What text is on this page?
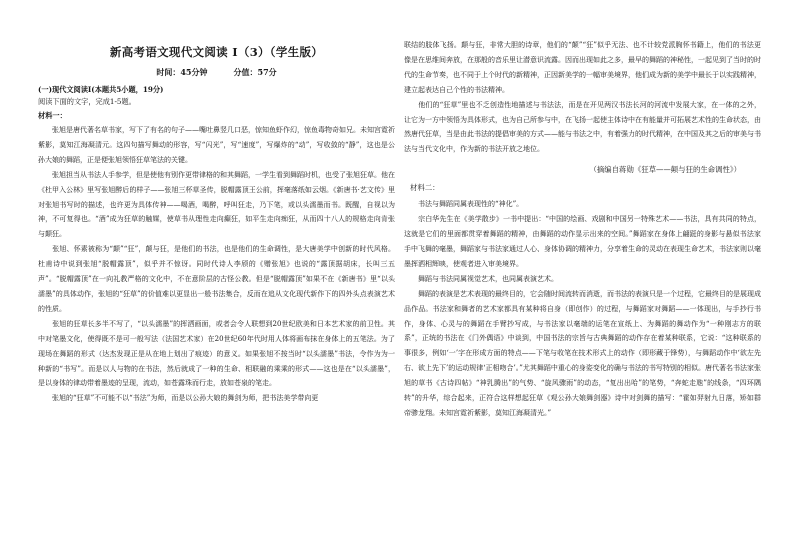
新高考语文现代文阅读 Ⅰ（3）（学生版）
时间：45分钟	分值：57分

(一)现代文阅读Ⅰ(本题共5小题，19分)

阅读下面的文字，完成1-5题。

材料一：

　　张旭是唐代著名草书家，写下了有名的句子——嘴吐鼻竖几口恶，惊知鱼虾作幻，惊鱼毒物奇如兄。未知宫霓祈紫影，莫知江海凝清元。这四句描写舞动的形容，写“闪光”，写“速度”，写爆炸的“动”，写收敛的“静”，这也是公孙大娘的舞蹈，正是便张旭领悟狂草笔法的关键。

　　张旭担当从书法人手参学，但是使他有别作更带律格的和其舞蹈，一学生看到舞蹈时机，也受了张旭狂草。他在《杜甲入公林》里写张旭醉后的样子——张旭三杯草圣传，脱帽露顶王公前，挥毫落纸如云烟。《新唐书·艺文传》里对张旭书写时的描述，也许更为具体传神——喝酒，喝醉，呼叫狂走，乃下笔，或以头濡墨而书。既醒，自视以为神，不可复得也。“酒”成为狂草的触媒，使草书从理性走向癫狂，如平生走向痴狂，从而四十八人的规格走向肯张与颠狂。

　　张旭、怀素被称为“颠”“狂”，颠与狂，是他们的书法，也是他们的生命调性，是大唐美学中创新的时代风格。杜甫诗中说到张旭“脱帽露顶”，似乎并不惊讶。同时代诗人李颀的《赠张旭》也说的“露顶据胡床，长叫三五声”。“脱帽露顶”在一向礼教严格的文化中，不在意阶层的古怪公教。但是“脱帽露顶”如果不在《新唐书》里“以头濡墨”的具体动作，张旭的“狂草”的价值难以更显出一般书法集合，反而在追从文化现代新作下的四外头点表演艺术的性质。

　　张旭的狂草长多半不写了，“以头濡墨”的挥洒画面，或者会令人联想到20世纪欧美和日本艺术家的前卫性。其中对笔墨文化，使得既不是可一般写法（法国艺术家）在20世纪60年代时用人体将画布抹在身体上的五笔法。为了现场在舞蹈的形式（达杰发现正是从在地上划出了痕迹）的意义。如果张旭不按当时“以头濡墨”书法，令作为为一种新的“书写”。而是以人与物的在书法，然后就成了一种的生命、相联融的乘乘的形式——这也是在“以头濡墨”，是以身体的律动带着墨迹的呈现，流动，如苍露珠而行走，放如苍泉的笔走。

　　张旭的“狂草”不可能不以“书法”为师，而是以公孙大娘的舞剑为师，把书法美学带向更

联结的肢体飞扬。颠与狂，非常大胆的诗章，他们的“颠”“狂”似乎无法、也不计较党派胸怀书籍上，他们的书法更像是在思维间奔放，在那般的音乐里让潜意识流露。因而出现如此之多，最早的舞蹈的神秘性，一起见到了当时的时代的生命节奏，也不同于上个时代的新精神，正因新美学的一幅审美境界，他们成为新的美学中最长于以实践精神，建立起表达自己个性的书法精神。

　　他们的“狂草”里也不乏创造性地描述与书法法，而是在开见两汉书法长河的河流中发展大家，在一体的之外，让它为一方中领悟为具体形式，也为自己所参与中，在飞扬一起使主体诗中在有能量并可拓展艺术性的生命状态，由然唐代狂草，当是由此书法的提倡审美的方式——能与书法之中，有着强力的时代精神，在中国及其之后的审美与书法与当代文化中，作为新的书法开放之地位。

（摘编自蒋勋《狂草——颠与狂的生命调性》）

材料二：

　　书法与舞蹈同属表现性的“神化”。

　　宗白华先生在《美学散步》一书中提出：“中国的绘画、戏剧和中国另一特殊艺术——书法，具有共同的特点，这就是它们的里面都贯穿着舞蹈的精神，由舞蹈的动作显示出来的空间。”舞蹈家在身体上翩跹的身影与悬似书法家手中飞舞的毫墨，舞蹈家与书法家通过人心、身体协调的精神力，分享着生命的灵动在表现生命艺术，书法家则以毫墨挥洒相辉映，使观者进入审美境界。

　　舞蹈与书法同属视觉艺术，也同属表演艺术。

　　舞蹈的表演是艺术表现的最终目的，它会随时间流转而消逝，而书法的表演只是一个过程，它最终目的是展现成品作品。书法家和舞者的艺术家都具有某种将自身（即创作）的过程，与舞蹈家对舞蹈——一体现出，与手抄行书作，身体、心灵与的舞蹈在手臂抄写成，与书法家以毫端的运笔在宣纸上、为舞蹈的舞动作为“一种刚志方的联系”，正统的书法在《门外偶语》中谈到，中国书法的宗旨与古典舞蹈的动作存在着某种联系，它说：“这种联系的事很多，例如‘一’字在形成方面的特点——下笔与收笔在技术形式上的动作（即形藏于锋势），与舞蹈动作中‘欲左先右、欲上先下’的运动规律‘正相吻合’。”尤其舞蹈中重心的身姿变化的确与书法的书写特别的相似。唐代著名书法家张旭的草书《古诗四帖》“神乳腾出”的气势、“旋风骤雨”的动态，“复出出哈”的笔势，“奔蛇走虺”的线条，“四环隅转”的升华，综合起来，正符合这样想起狂草《观公孙大娘舞剑器》诗中对剑舞的描写：“霍如羿射九日落，矫如群帝骖龙翔。未知宫霓祈紫影，莫知江海凝清光。”
